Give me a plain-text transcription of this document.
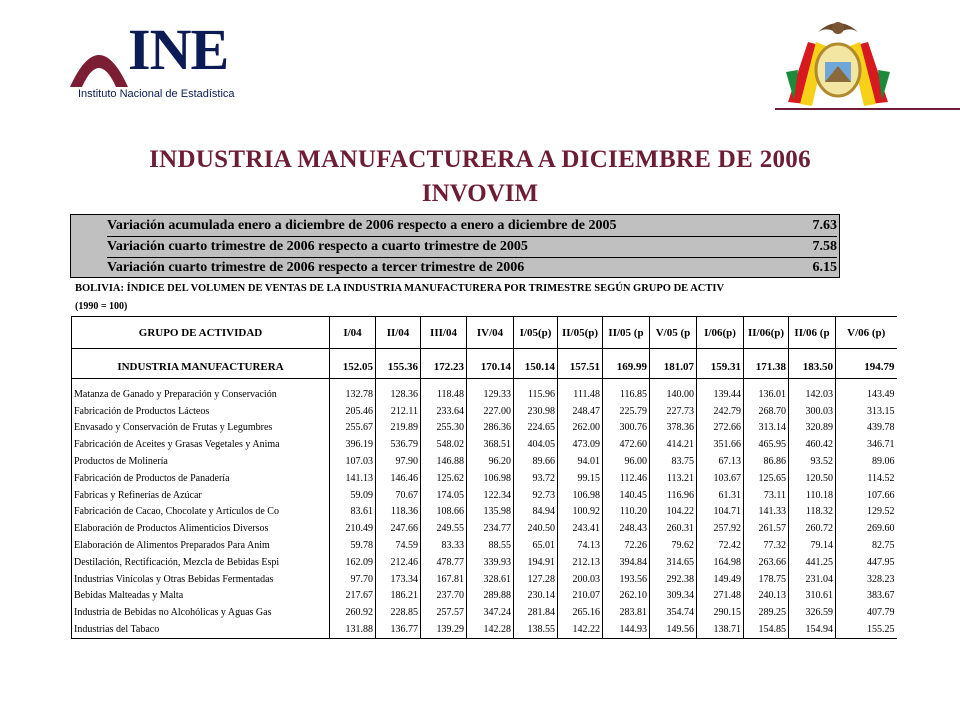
INE
Instituto Nacional de Estadística
INDUSTRIA MANUFACTURERA A DICIEMBRE DE 2006
INVOVIM
Variación acumulada enero a diciembre de 2006 respecto a enero a diciembre de 2005	7.63
Variación cuarto trimestre de 2006 respecto a cuarto trimestre de 2005	7.58
Variación cuarto trimestre de 2006 respecto a tercer trimestre de 2006	6.15
BOLIVIA: ÍNDICE DEL VOLUMEN DE VENTAS DE LA INDUSTRIA MANUFACTURERA POR TRIMESTRE SEGÚN GRUPO DE ACTIV
(1990 = 100)
GRUPO DE ACTIVIDAD	I/04	II/04	III/04	IV/04	I/05(p)	II/05(p)	II/05 (p	V/05 (p	I/06(p)	II/06(p)	II/06 (p	V/06 (p)

INDUSTRIA MANUFACTURERA	152.05	155.36	172.23	170.14	150.14	157.51	169.99	181.07	159.31	171.38	183.50	194.79

Matanza de Ganado y Preparación y Conservación	132.78	128.36	118.48	129.33	115.96	111.48	116.85	140.00	139.44	136.01	142.03	143.49
Fabricación de Productos Lácteos	205.46	212.11	233.64	227.00	230.98	248.47	225.79	227.73	242.79	268.70	300.03	313.15
Envasado y Conservación de Frutas y Legumbres	255.67	219.89	255.30	286.36	224.65	262.00	300.76	378.36	272.66	313.14	320.89	439.78
Fabricación de Aceites y Grasas Vegetales y Anima	396.19	536.79	548.02	368.51	404.05	473.09	472.60	414.21	351.66	465.95	460.42	346.71
Productos de Molinería	107.03	97.90	146.88	96.20	89.66	94.01	96.00	83.75	67.13	86.86	93.52	89.06
Fabricación de Productos de Panadería	141.13	146.46	125.62	106.98	93.72	99.15	112.46	113.21	103.67	125.65	120.50	114.52
Fabricas y Refinerías de Azúcar	59.09	70.67	174.05	122.34	92.73	106.98	140.45	116.96	61.31	73.11	110.18	107.66
Fabricación de Cacao, Chocolate y Artículos de Co	83.61	118.36	108.66	135.98	84.94	100.92	110.20	104.22	104.71	141.33	118.32	129.52
Elaboración de Productos Alimenticios Diversos	210.49	247.66	249.55	234.77	240.50	243.41	248.43	260.31	257.92	261.57	260.72	269.60
Elaboración de Alimentos Preparados Para Anim	59.78	74.59	83.33	88.55	65.01	74.13	72.26	79.62	72.42	77.32	79.14	82.75
Destilación, Rectificación, Mezcla de Bebidas Espi	162.09	212.46	478.77	339.93	194.91	212.13	394.84	314.65	164.98	263.66	441.25	447.95
Industrias Vinícolas y Otras Bebidas Fermentadas	97.70	173.34	167.81	328.61	127.28	200.03	193.56	292.38	149.49	178.75	231.04	328.23
Bebidas Malteadas y Malta	217.67	186.21	237.70	289.88	230.14	210.07	262.10	309.34	271.48	240.13	310.61	383.67
Industria de Bebidas no Alcohólicas y Aguas Gas	260.92	228.85	257.57	347.24	281.84	265.16	283.81	354.74	290.15	289.25	326.59	407.79
Industrias del Tabaco	131.88	136.77	139.29	142.28	138.55	142.22	144.93	149.56	138.71	154.85	154.94	155.25
